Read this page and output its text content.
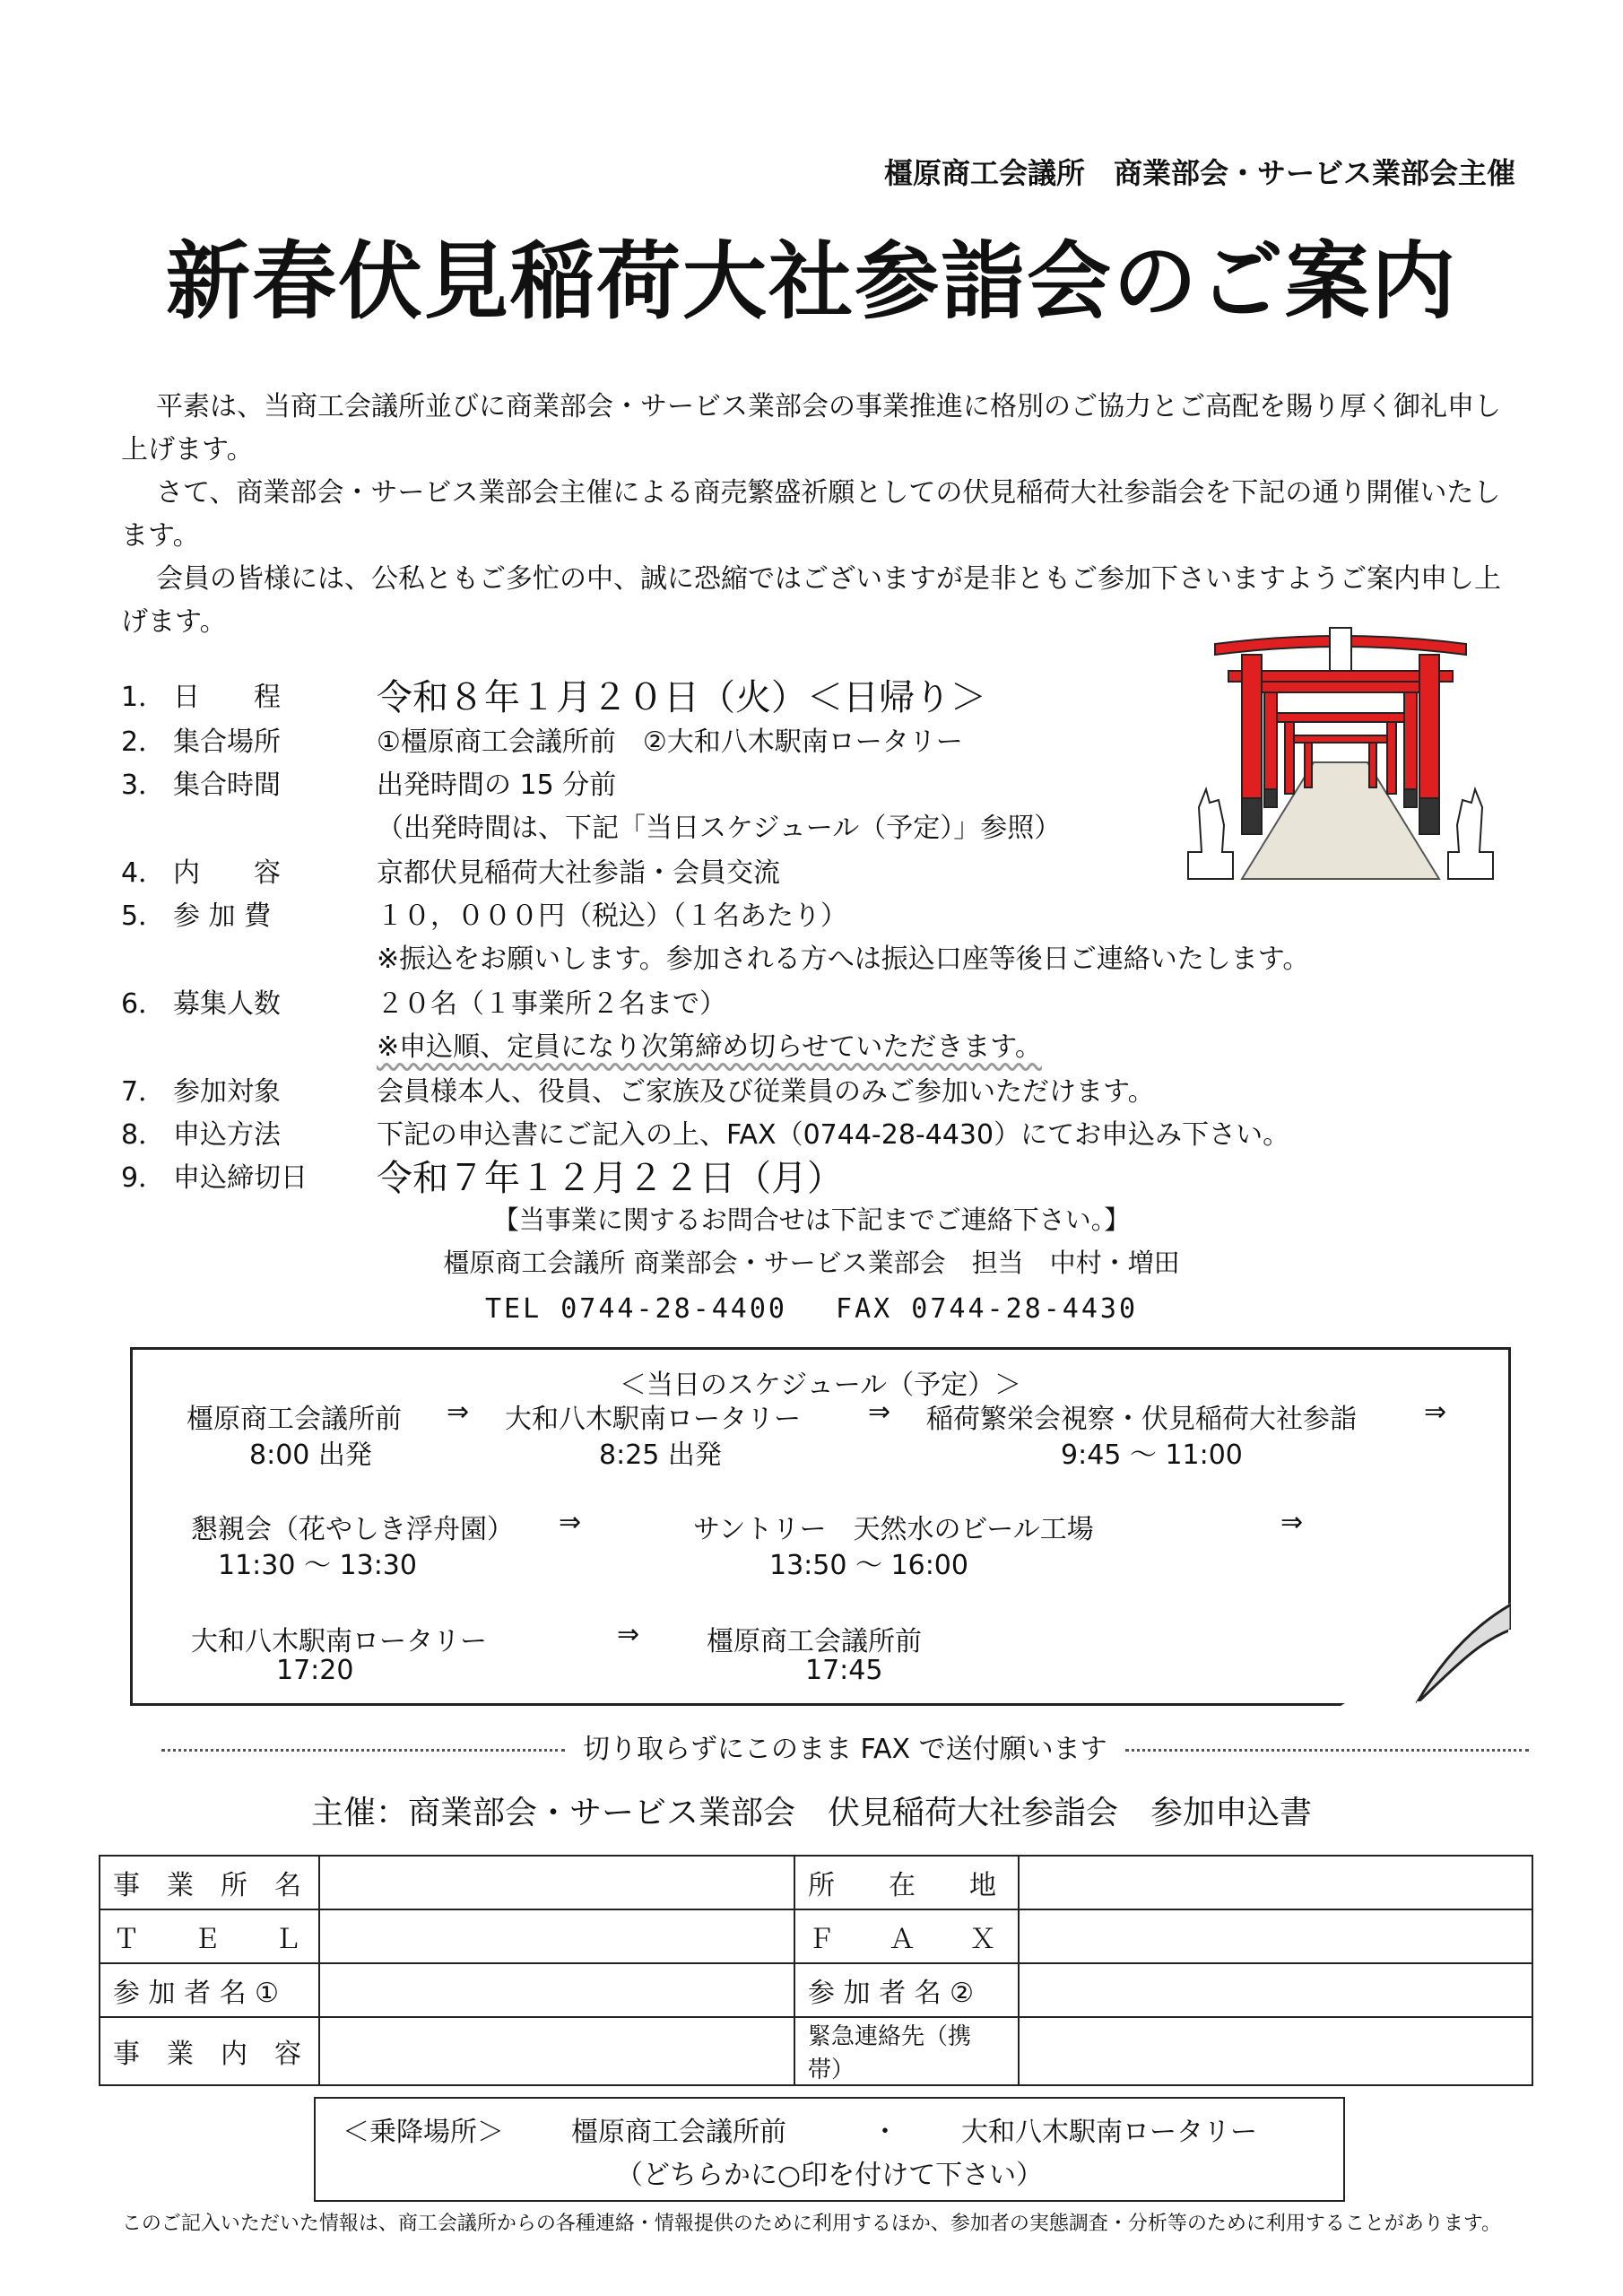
橿原商工会議所　商業部会・サービス業部会主催
新春伏見稲荷大社参詣会のご案内

平素は、当商工会議所並びに商業部会・サービス業部会の事業推進に格別のご協力とご高配を賜り厚く御礼申し上げます。

さて、商業部会・サービス業部会主催による商売繁盛祈願としての伏見稲荷大社参詣会を下記の通り開催いたします。

会員の皆様には、公私ともご多忙の中、誠に恐縮ではございますが是非ともご参加下さいますようご案内申し上げます。

1． 日　　程	令和８年１月２０日（火）＜日帰り＞
2． 集合場所	①橿原商工会議所前　②大和八木駅南ロータリー
3． 集合時間	出発時間の 15 分前
（出発時間は、下記「当日スケジュール（予定）」参照）
4． 内　　容	京都伏見稲荷大社参詣・会員交流
5． 参 加 費	１０，０００円（税込）（１名あたり）
※振込をお願いします。参加される方へは振込口座等後日ご連絡いたします。
6． 募集人数	２０名（１事業所２名まで）
※申込順、定員になり次第締め切らせていただきます。
7． 参加対象	会員様本人、役員、ご家族及び従業員のみご参加いただけます。
8． 申込方法	下記の申込書にご記入の上、FAX（0744-28-4430）にてお申込み下さい。
9． 申込締切日	令和７年１２月２２日（月）
【当事業に関するお問合せは下記までご連絡下さい。】
橿原商工会議所 商業部会・サービス業部会　担当　中村・増田
TEL 0744-28-4400　 FAX 0744-28-4430
＜当日のスケジュール（予定）＞
橿原商工会議所前 ⇒ 大和八木駅南ロータリー	⇒ 稲荷繁栄会視察・伏見稲荷大社参詣	⇒
8:00 出発	8:25 出発	9:45 ～ 11:00
懇親会（花やしき浮舟園） ⇒	サントリー　天然水のビール工場	⇒
11:30 ～ 13:30	13:50 ～ 16:00
大和八木駅南ロータリー	⇒ 橿原商工会議所前
17:20	17:45
切り取らずにこのまま FAX で送付願います
主催：商業部会・サービス業部会　伏見稲荷大社参詣会　参加申込書
事　業　所　名		所　　在　　地	
Ｔ　　Ｅ　　Ｌ		Ｆ　　Ａ　　Ｘ	
参 加 者 名 ①		参 加 者 名 ②	
事　業　内　容		緊急連絡先（携帯）	
＜乗降場所＞	橿原商工会議所前	・ 大和八木駅南ロータリー
（どちらかに○印を付けて下さい）
このご記入いただいた情報は、商工会議所からの各種連絡・情報提供のために利用するほか、参加者の実態調査・分析等のために利用することがあります。
